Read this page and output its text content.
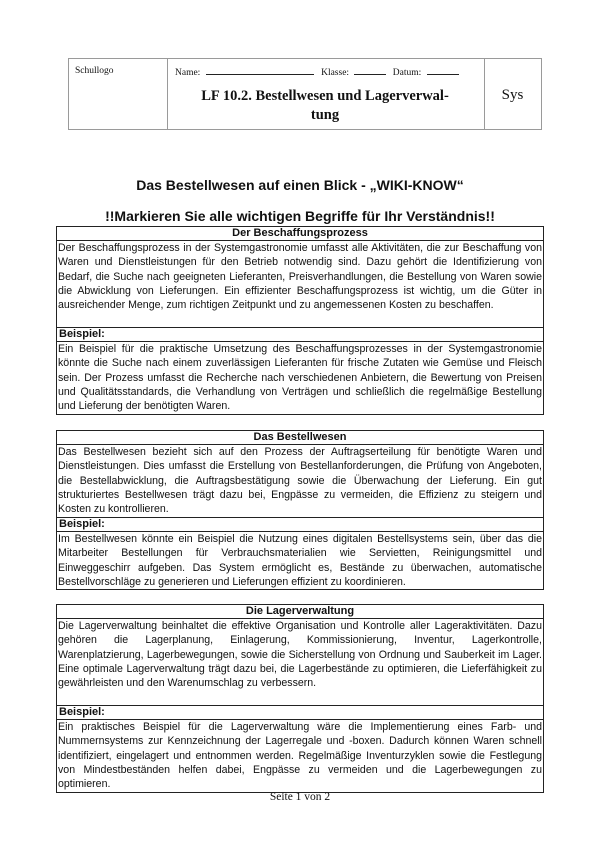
Schullogo	Name:	Klasse:	Datum:
LF 10.2. Bestellwesen und Lagerverwal-
tung
Sys
Das Bestellwesen auf einen Blick - „WIKI-KNOW“
!!Markieren Sie alle wichtigen Begriffe für Ihr Verständnis!!
Der Beschaffungsprozess
Der Beschaffungsprozess in der Systemgastronomie umfasst alle Aktivitäten, die zur Beschaffung von Waren und Dienstleistungen für den Betrieb notwendig sind. Dazu gehört die Identifizierung von Bedarf, die Suche nach geeigneten Lieferanten, Preisverhandlungen, die Bestellung von Waren sowie die Abwicklung von Lieferungen. Ein effizienter Beschaffungsprozess ist wichtig, um die Güter in ausreichender Menge, zum richtigen Zeitpunkt und zu angemessenen Kosten zu beschaffen.
Beispiel:
Ein Beispiel für die praktische Umsetzung des Beschaffungsprozesses in der Systemgastronomie könnte die Suche nach einem zuverlässigen Lieferanten für frische Zutaten wie Gemüse und Fleisch sein. Der Prozess umfasst die Recherche nach verschiedenen Anbietern, die Bewertung von Preisen und Qualitätsstandards, die Verhandlung von Verträgen und schließlich die regelmäßige Bestellung und Lieferung der benötigten Waren.
Das Bestellwesen
Das Bestellwesen bezieht sich auf den Prozess der Auftragserteilung für benötigte Waren und Dienstleistungen. Dies umfasst die Erstellung von Bestellanforderungen, die Prüfung von Angeboten, die Bestellabwicklung, die Auftragsbestätigung sowie die Überwachung der Lieferung. Ein gut strukturiertes Bestellwesen trägt dazu bei, Engpässe zu vermeiden, die Effizienz zu steigern und Kosten zu kontrollieren.
Beispiel:
Im Bestellwesen könnte ein Beispiel die Nutzung eines digitalen Bestellsystems sein, über das die Mitarbeiter Bestellungen für Verbrauchsmaterialien wie Servietten, Reinigungsmittel und Einweggeschirr aufgeben. Das System ermöglicht es, Bestände zu überwachen, automatische Bestellvorschläge zu generieren und Lieferungen effizient zu koordinieren.
Die Lagerverwaltung
Die Lagerverwaltung beinhaltet die effektive Organisation und Kontrolle aller Lageraktivitäten. Dazu gehören die Lagerplanung, Einlagerung, Kommissionierung, Inventur, Lagerkontrolle, Warenplatzierung, Lagerbewegungen, sowie die Sicherstellung von Ordnung und Sauberkeit im Lager. Eine optimale Lagerverwaltung trägt dazu bei, die Lagerbestände zu optimieren, die Lieferfähigkeit zu gewährleisten und den Warenumschlag zu verbessern.
Beispiel:
Ein praktisches Beispiel für die Lagerverwaltung wäre die Implementierung eines Farb- und Nummernsystems zur Kennzeichnung der Lagerregale und -boxen. Dadurch können Waren schnell identifiziert, eingelagert und entnommen werden. Regelmäßige Inventurzyklen sowie die Festlegung von Mindestbeständen helfen dabei, Engpässe zu vermeiden und die Lagerbewegungen zu optimieren.
Seite 1 von 2
